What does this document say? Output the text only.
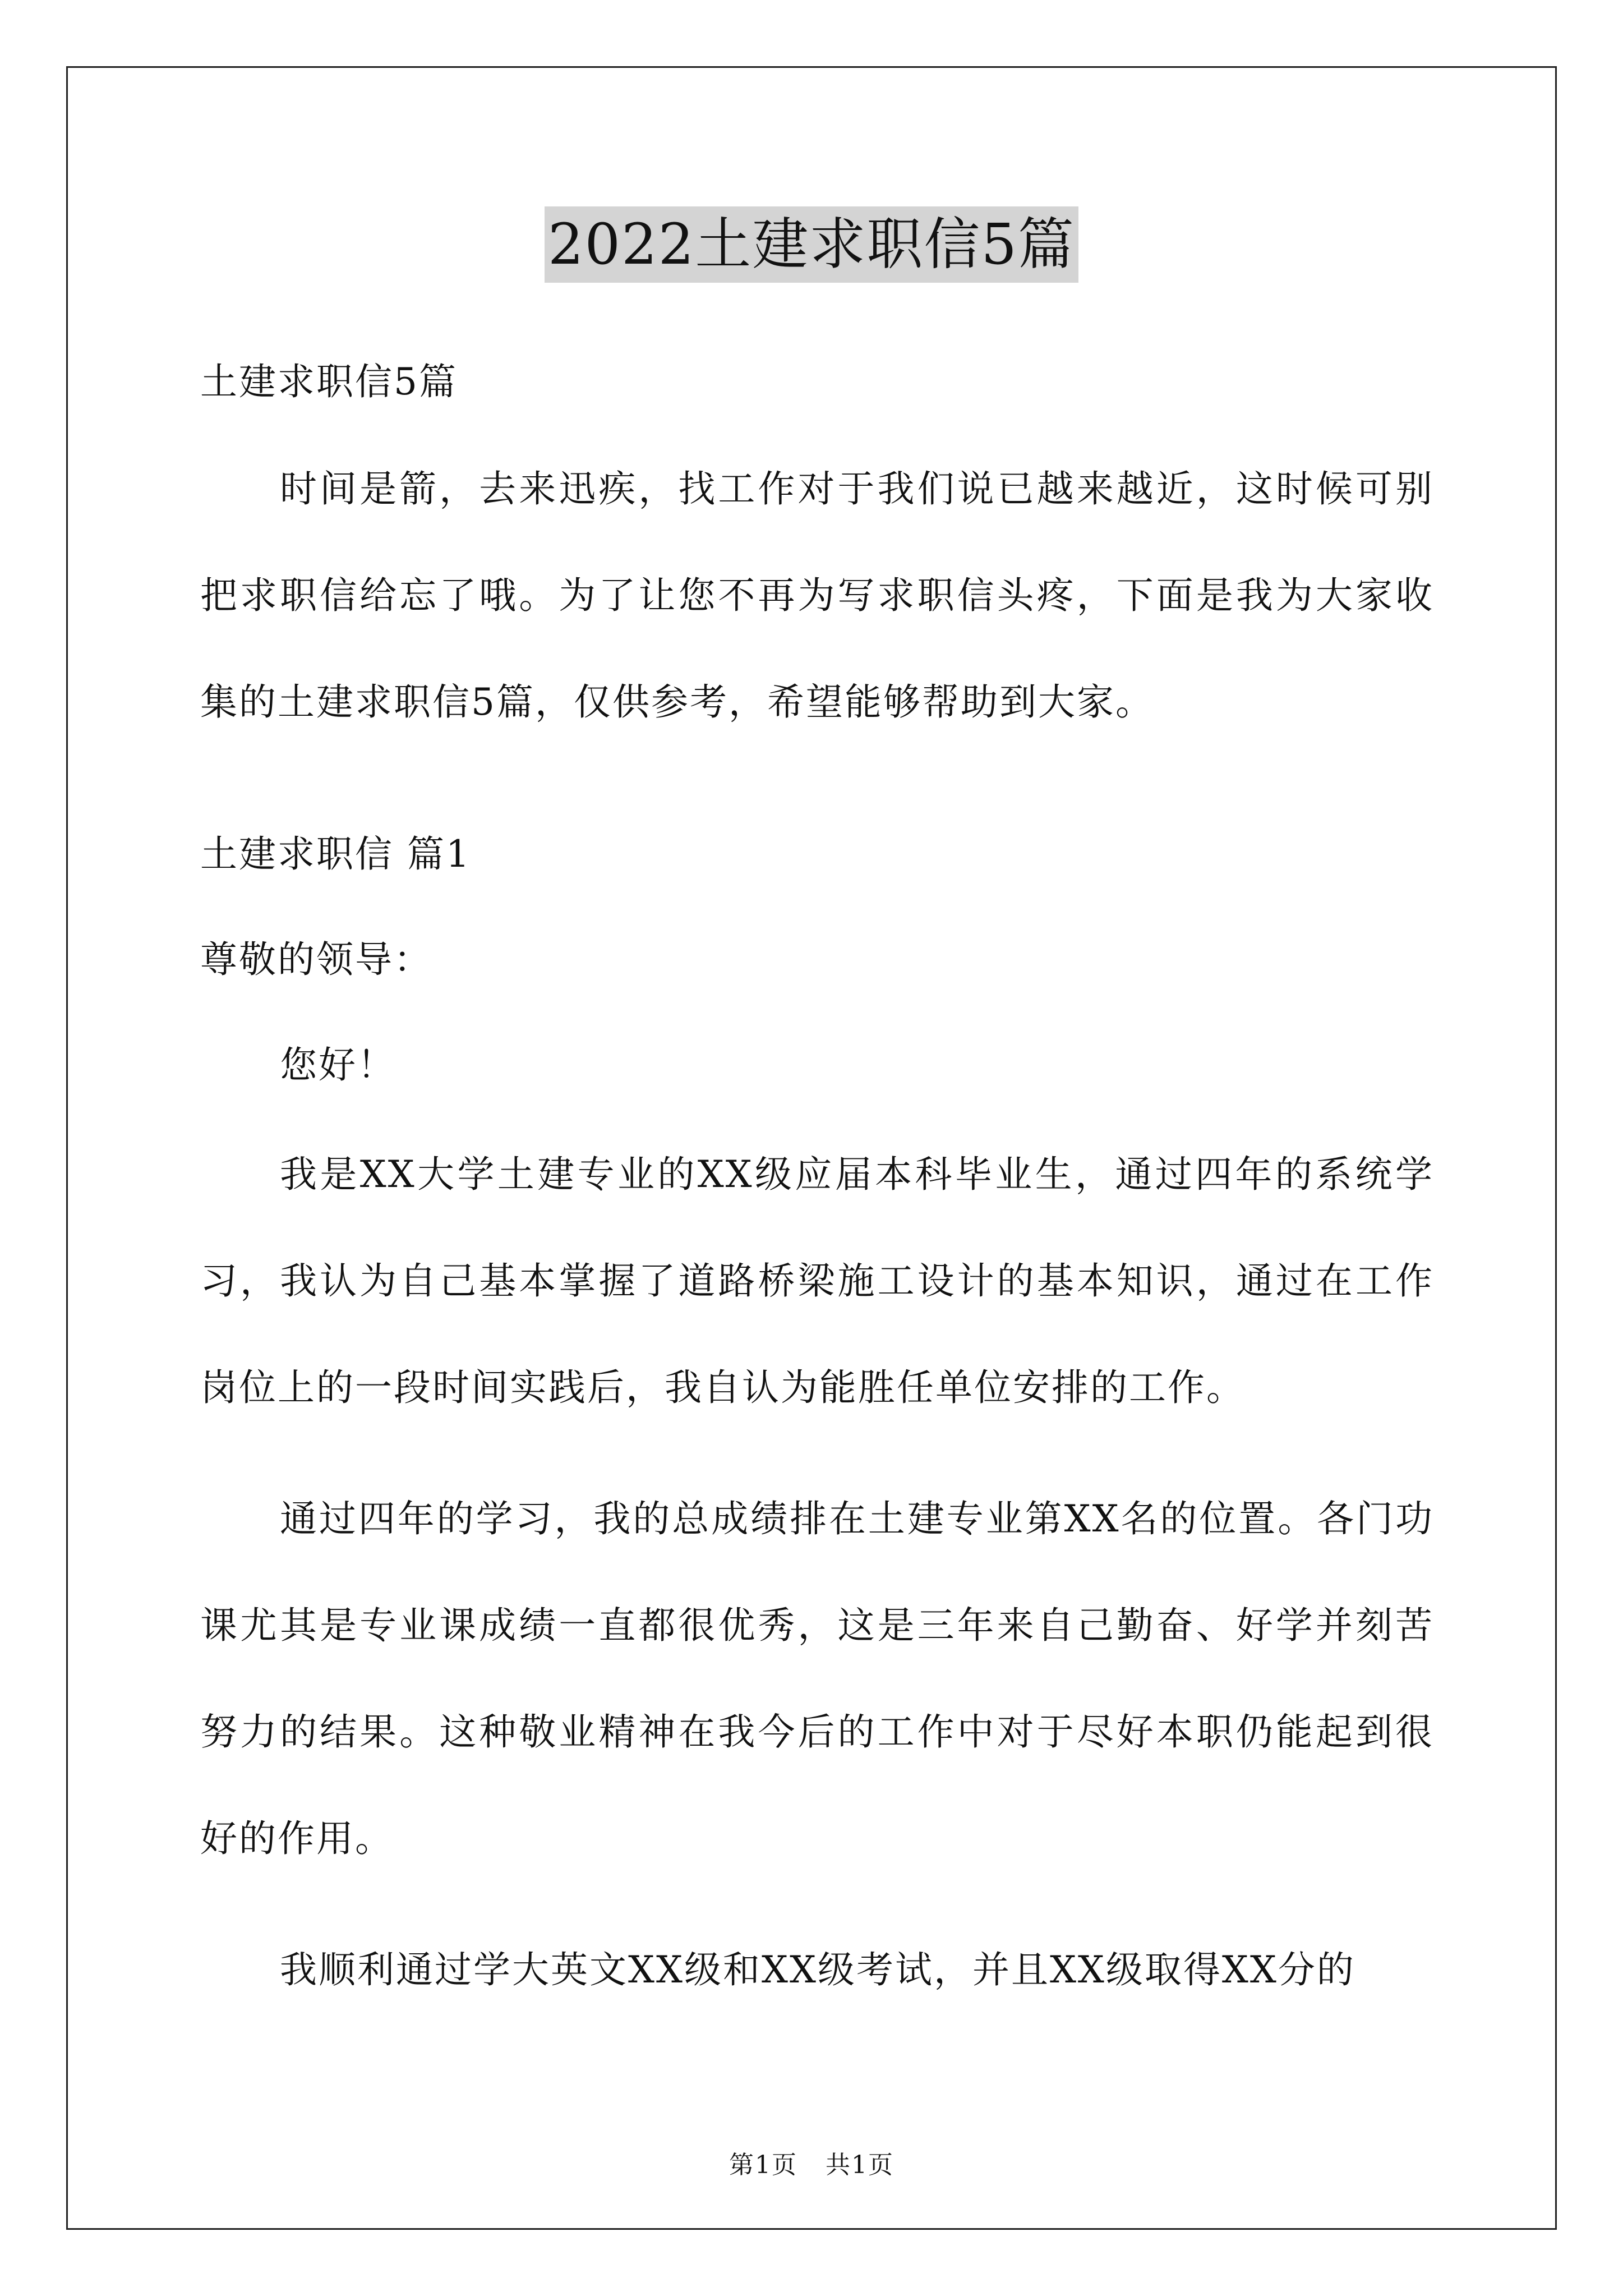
2022土建求职信5篇

土建求职信5篇

时间是箭，去来迅疾，找工作对于我们说已越来越近，这时候可别把求职信给忘了哦。为了让您不再为写求职信头疼，下面是我为大家收集的土建求职信5篇，仅供参考，希望能够帮助到大家。

土建求职信 篇1

尊敬的领导：

您好！

我是XX大学土建专业的XX级应届本科毕业生，通过四年的系统学习，我认为自己基本掌握了道路桥梁施工设计的基本知识，通过在工作岗位上的一段时间实践后，我自认为能胜任单位安排的工作。

通过四年的学习，我的总成绩排在土建专业第XX名的位置。各门功课尤其是专业课成绩一直都很优秀，这是三年来自己勤奋、好学并刻苦努力的结果。这种敬业精神在我今后的工作中对于尽好本职仍能起到很好的作用。

我顺利通过学大英文XX级和XX级考试，并且XX级取得XX分的

第1页 共1页
